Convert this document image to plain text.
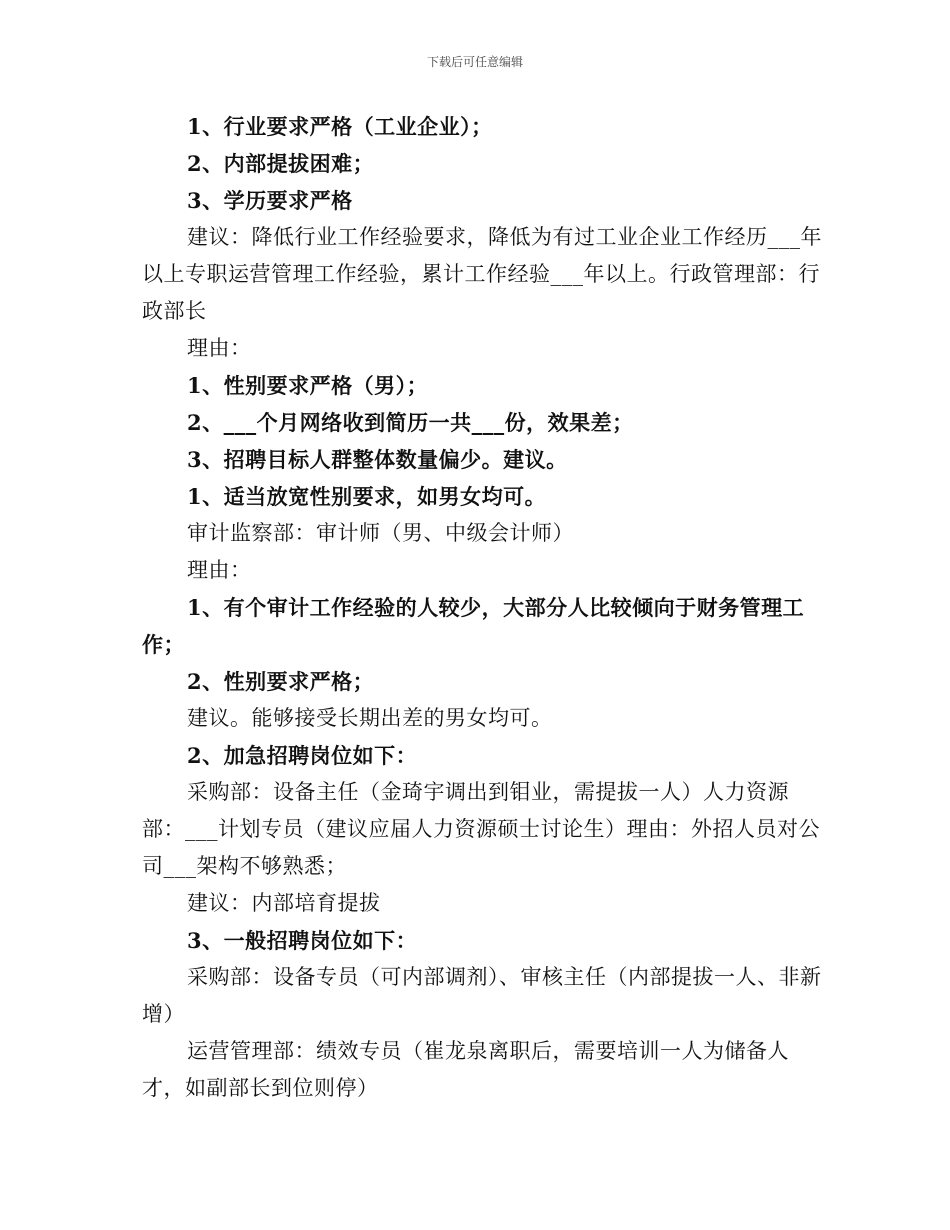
下载后可任意编辑

1、行业要求严格（工业企业）；

2、内部提拔困难；

3、学历要求严格

建议：降低行业工作经验要求，降低为有过工业企业工作经历___年以上专职运营管理工作经验，累计工作经验___年以上。行政管理部：行政部长

理由：

1、性别要求严格（男）；

2、___个月网络收到简历一共___份，效果差；

3、招聘目标人群整体数量偏少。建议。

1、适当放宽性别要求，如男女均可。

审计监察部：审计师（男、中级会计师）

理由：

1、有个审计工作经验的人较少，大部分人比较倾向于财务管理工作；

2、性别要求严格；

建议。能够接受长期出差的男女均可。

2、加急招聘岗位如下：

采购部：设备主任（金琦宇调出到钼业，需提拔一人）人力资源部：___计划专员（建议应届人力资源硕士讨论生）理由：外招人员对公司___架构不够熟悉；

建议：内部培育提拔

3、一般招聘岗位如下：

采购部：设备专员（可内部调剂）、审核主任（内部提拔一人、非新增）

运营管理部：绩效专员（崔龙泉离职后，需要培训一人为储备人才，如副部长到位则停）
